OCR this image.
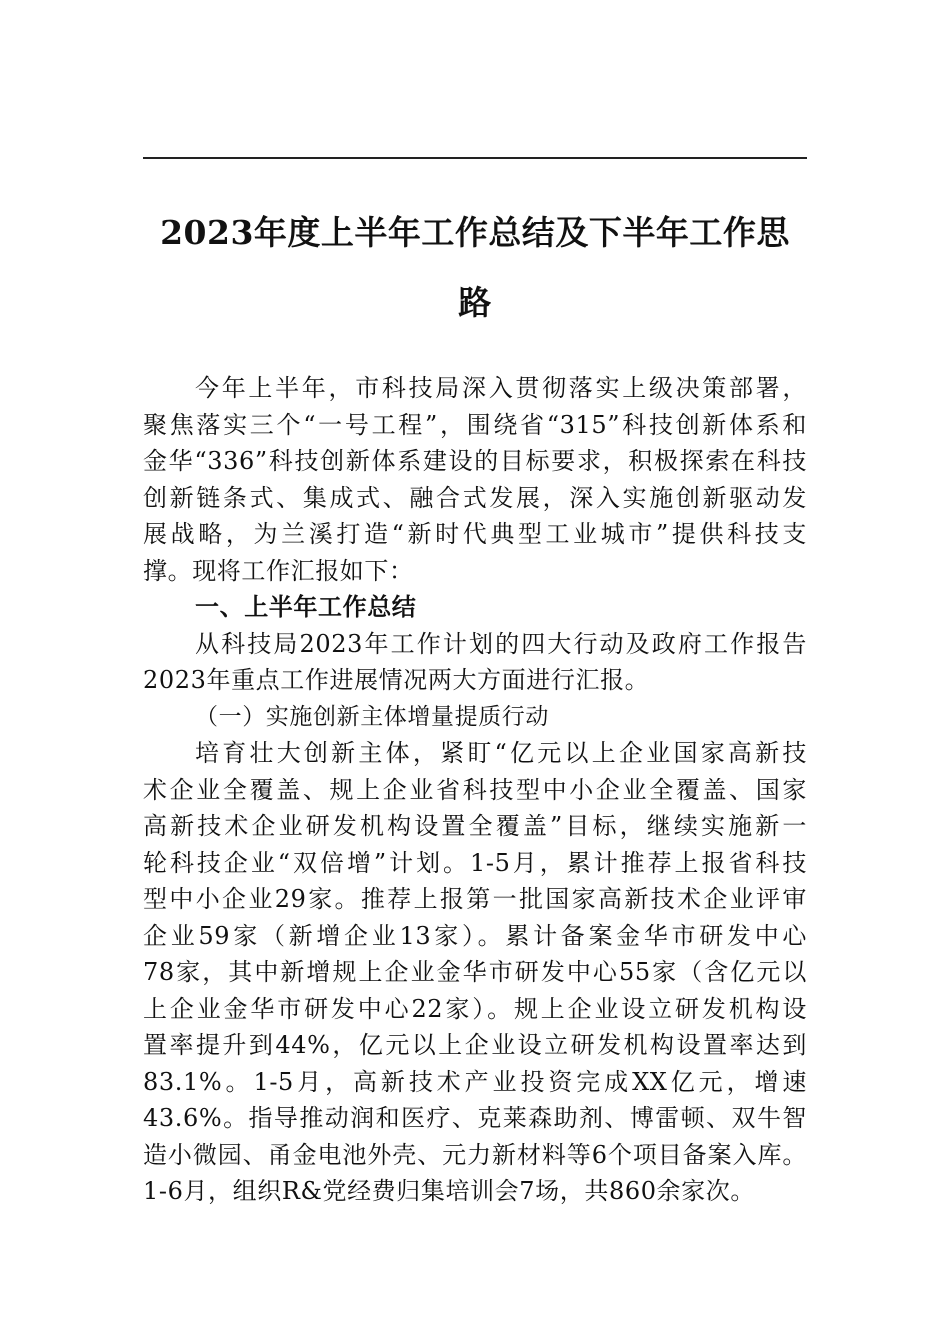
2023年度上半年工作总结及下半年工作思
路
今年上半年，市科技局深入贯彻落实上级决策部署，
聚焦落实三个“一号工程”，围绕省“315”科技创新体系和
金华“336”科技创新体系建设的目标要求，积极探索在科技
创新链条式、集成式、融合式发展，深入实施创新驱动发
展战略，为兰溪打造“新时代典型工业城市”提供科技支
撑。现将工作汇报如下：
一、上半年工作总结
从科技局2023年工作计划的四大行动及政府工作报告
2023年重点工作进展情况两大方面进行汇报。
（一）实施创新主体增量提质行动
培育壮大创新主体，紧盯“亿元以上企业国家高新技
术企业全覆盖、规上企业省科技型中小企业全覆盖、国家
高新技术企业研发机构设置全覆盖”目标，继续实施新一
轮科技企业“双倍增”计划。1-5月，累计推荐上报省科技
型中小企业29家。推荐上报第一批国家高新技术企业评审
企业59家（新增企业13家）。累计备案金华市研发中心
78家，其中新增规上企业金华市研发中心55家（含亿元以
上企业金华市研发中心22家）。规上企业设立研发机构设
置率提升到44%，亿元以上企业设立研发机构设置率达到
83.1%。1-5月，高新技术产业投资完成XX亿元，增速
43.6%。指导推动润和医疗、克莱森助剂、博雷顿、双牛智
造小微园、甬金电池外壳、元力新材料等6个项目备案入库。
1-6月，组织R&党经费归集培训会7场，共860余家次。
